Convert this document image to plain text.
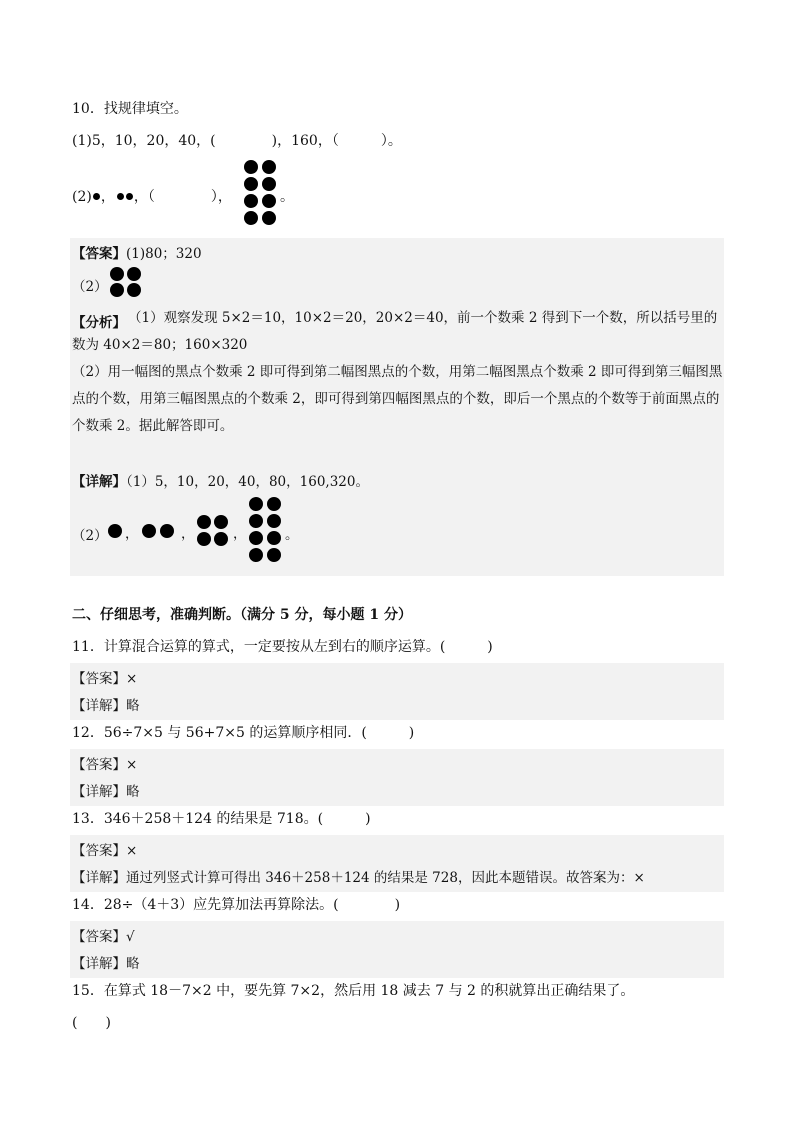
10．找规律填空。
(1)5，10，20，40，(　　　　)，160，（　　　）。
(2) ， ，（　　　　），	。
【答案】(1)80；320
（2）
【分析】 （1）观察发现 5×2＝10，10×2＝20，20×2＝40，前一个数乘 2 得到下一个数，所以括号里的数为 40×2＝80；160×320
（2）用一幅图的黑点个数乘 2 即可得到第二幅图黑点的个数，用第二幅图黑点个数乘 2 即可得到第三幅图黑点的个数，用第三幅图黑点的个数乘 2，即可得到第四幅图黑点的个数，即后一个黑点的个数等于前面黑点的个数乘 2。据此解答即可。
【详解】（1）5，10，20，40，80，160,320。
（2） ，	，	，	。
二、仔细思考，准确判断。（满分 5 分，每小题 1 分）
11．计算混合运算的算式，一定要按从左到右的顺序运算。(　　　)
【答案】×
【详解】略
12．56÷7×5 与 56+7×5 的运算顺序相同．(　　　)
【答案】×
【详解】略
13．346＋258＋124 的结果是 718。(　　　)
【答案】×
【详解】通过列竖式计算可得出 346＋258＋124 的结果是 728，因此本题错误。故答案为：×
14．28÷（4＋3）应先算加法再算除法。(　　　　)
【答案】√
【详解】略
15．在算式 18－7×2 中，要先算 7×2，然后用 18 减去 7 与 2 的积就算出正确结果了。
(　　)
